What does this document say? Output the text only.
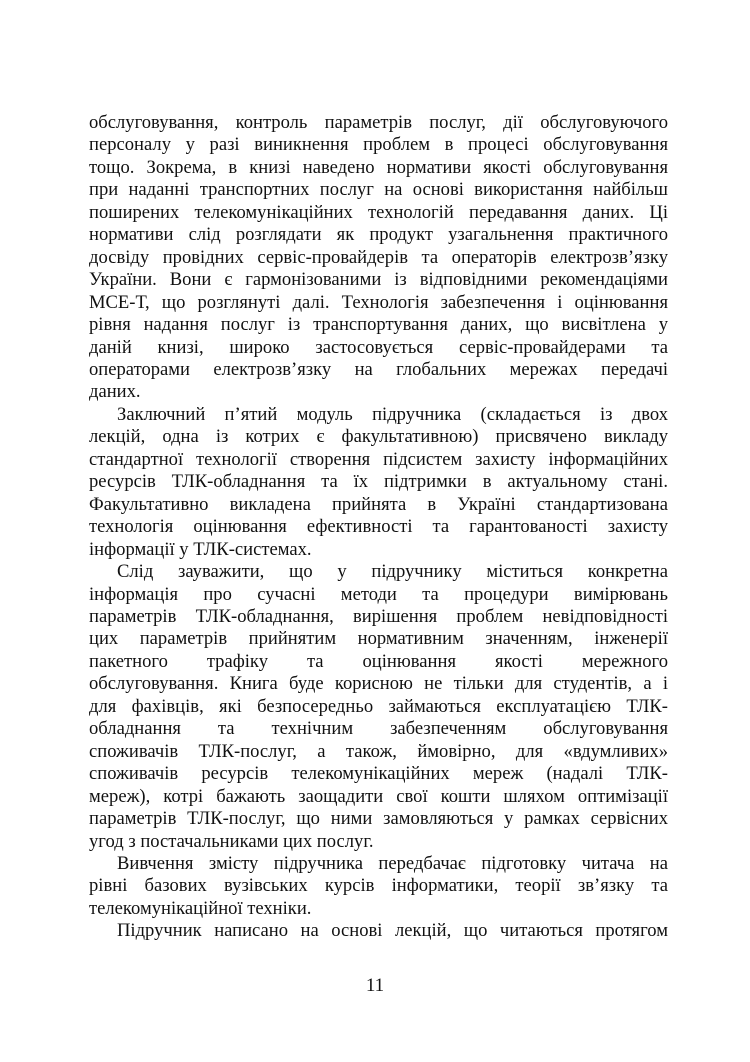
обслуговування, контроль параметрів послуг, дії обслуговуючого
персоналу у разі виникнення проблем в процесі обслуговування
тощо. Зокрема, в книзі наведено нормативи якості обслуговування
при наданні транспортних послуг на основі використання найбільш
поширених телекомунікаційних технологій передавання даних. Ці
нормативи слід розглядати як продукт узагальнення практичного
досвіду провідних сервіс-провайдерів та операторів електрозв’язку
України. Вони є гармонізованими із відповідними рекомендаціями
МСЕ-Т, що розглянуті далі. Технологія забезпечення і оцінювання
рівня надання послуг із транспортування даних, що висвітлена у
даній книзі, широко застосовується сервіс-провайдерами та
операторами електрозв’язку на глобальних мережах передачі
даних.

Заключний п’ятий модуль підручника (складається із двох
лекцій, одна із котрих є факультативною) присвячено викладу
стандартної технології створення підсистем захисту інформаційних
ресурсів ТЛК-обладнання та їх підтримки в актуальному стані.
Факультативно викладена прийнята в Україні стандартизована
технологія оцінювання ефективності та гарантованості захисту
інформації у ТЛК-системах.

Слід зауважити, що у підручнику міститься конкретна
інформація про сучасні методи та процедури вимірювань
параметрів ТЛК-обладнання, вирішення проблем невідповідності
цих параметрів прийнятим нормативним значенням, інженерії
пакетного трафіку та оцінювання якості мережного
обслуговування. Книга буде корисною не тільки для студентів, а і
для фахівців, які безпосередньо займаються експлуатацією ТЛК-
обладнання та технічним забезпеченням обслуговування
споживачів ТЛК-послуг, а також, ймовірно, для «вдумливих»
споживачів ресурсів телекомунікаційних мереж (надалі ТЛК-
мереж), котрі бажають заощадити свої кошти шляхом оптимізації
параметрів ТЛК-послуг, що ними замовляються у рамках сервісних
угод з постачальниками цих послуг.

Вивчення змісту підручника передбачає підготовку читача на
рівні базових вузівських курсів інформатики, теорії зв’язку та
телекомунікаційної техніки.

Підручник написано на основі лекцій, що читаються протягом

11
